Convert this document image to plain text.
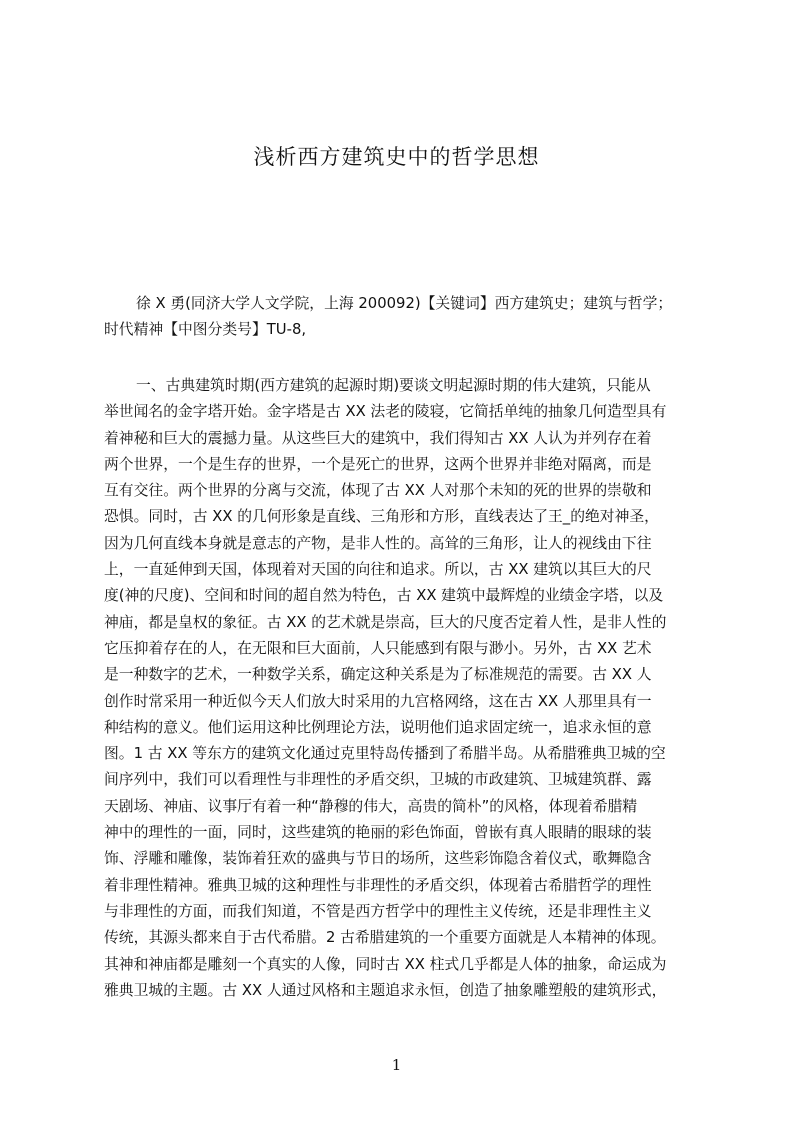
浅析西方建筑史中的哲学思想

徐 X 勇(同济大学人文学院，上海 200092)【关键词】西方建筑史；建筑与哲学；

时代精神【中图分类号】TU-8,

一、古典建筑时期(西方建筑的起源时期)要谈文明起源时期的伟大建筑，只能从

举世闻名的金字塔开始。金字塔是古 XX 法老的陵寝，它简括单纯的抽象几何造型具有

着神秘和巨大的震撼力量。从这些巨大的建筑中，我们得知古 XX 人认为并列存在着

两个世界，一个是生存的世界，一个是死亡的世界，这两个世界并非绝对隔离，而是

互有交往。两个世界的分离与交流，体现了古 XX 人对那个未知的死的世界的崇敬和

恐惧。同时，古 XX 的几何形象是直线、三角形和方形，直线表达了王_的绝对神圣，

因为几何直线本身就是意志的产物，是非人性的。高耸的三角形，让人的视线由下往

上，一直延伸到天国，体现着对天国的向往和追求。所以，古 XX 建筑以其巨大的尺

度(神的尺度)、空间和时间的超自然为特色，古 XX 建筑中最辉煌的业绩金字塔，以及

神庙，都是皇权的象征。古 XX 的艺术就是崇高，巨大的尺度否定着人性，是非人性的

它压抑着存在的人，在无限和巨大面前，人只能感到有限与渺小。另外，古 XX 艺术

是一种数字的艺术，一种数学关系，确定这种关系是为了标准规范的需要。古 XX 人

创作时常采用一种近似今天人们放大时采用的九宫格网络，这在古 XX 人那里具有一

种结构的意义。他们运用这种比例理论方法，说明他们追求固定统一，追求永恒的意

图。1 古 XX 等东方的建筑文化通过克里特岛传播到了希腊半岛。从希腊雅典卫城的空

间序列中，我们可以看理性与非理性的矛盾交织，卫城的市政建筑、卫城建筑群、露

天剧场、神庙、议事厅有着一种“静穆的伟大，高贵的简朴”的风格，体现着希腊精

神中的理性的一面，同时，这些建筑的艳丽的彩色饰面，曾嵌有真人眼睛的眼球的装

饰、浮雕和雕像，装饰着狂欢的盛典与节日的场所，这些彩饰隐含着仪式，歌舞隐含

着非理性精神。雅典卫城的这种理性与非理性的矛盾交织，体现着古希腊哲学的理性

与非理性的方面，而我们知道，不管是西方哲学中的理性主义传统，还是非理性主义

传统，其源头都来自于古代希腊。2 古希腊建筑的一个重要方面就是人本精神的体现。

其神和神庙都是雕刻一个真实的人像，同时古 XX 柱式几乎都是人体的抽象，命运成为

雅典卫城的主题。古 XX 人通过风格和主题追求永恒，创造了抽象雕塑般的建筑形式，

1
